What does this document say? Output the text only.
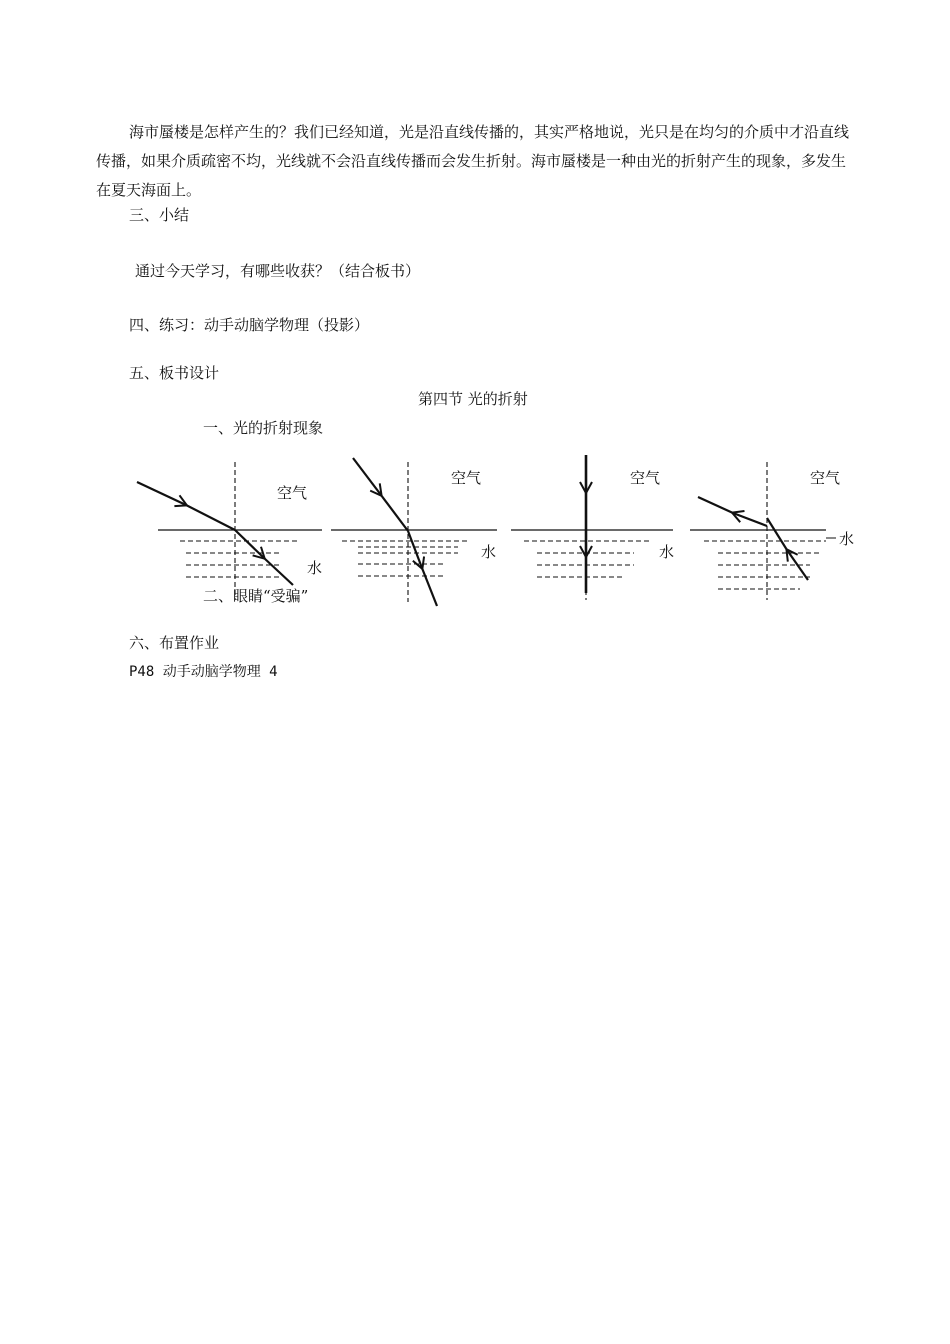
海市蜃楼是怎样产生的？我们已经知道，光是沿直线传播的，其实严格地说，光只是在均匀的介质中才沿直线传播，如果介质疏密不均，光线就不会沿直线传播而会发生折射。海市蜃楼是一种由光的折射产生的现象，多发生在夏天海面上。

三、小结

通过今天学习，有哪些收获？（结合板书）

四、练习：动手动脑学物理（投影）

五、板书设计

第四节 光的折射

一、光的折射现象

空气
水
空气
水
空气
水
空气
水

二、眼睛“受骗”

六、布置作业

P48 动手动脑学物理 4
